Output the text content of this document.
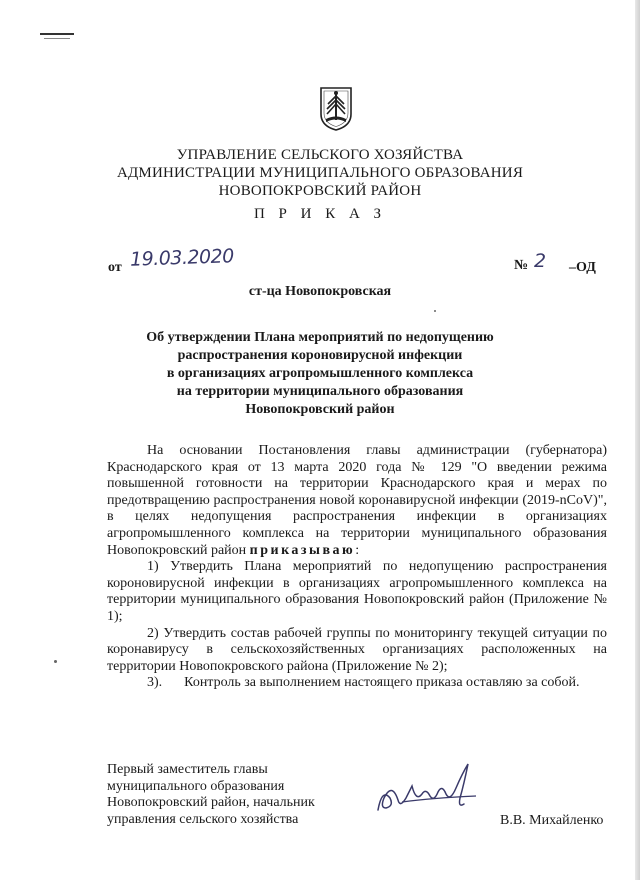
УПРАВЛЕНИЕ СЕЛЬСКОГО ХОЗЯЙСТВА
АДМИНИСТРАЦИИ МУНИЦИПАЛЬНОГО ОБРАЗОВАНИЯ
НОВОПОКРОВСКИЙ РАЙОН
П Р И К А З
от 19.03.2020	№ 2 –ОД
ст-ца Новопокровская
Об утверждении Плана мероприятий по недопущению
распространения короновирусной инфекции
в организациях агропромышленного комплекса
на территории муниципального образования
Новопокровский район

На основании Постановления главы администрации (губернатора) Краснодарского края от 13 марта 2020 года № 129 "О введении режима повышенной готовности на территории Краснодарского края и мерах по предотвращению распространения новой коронавирусной инфекции (2019-nCoV)", в целях недопущения распространения инфекции в организациях агропромышленного комплекса на территории муниципального образования Новопокровский район приказываю:

1) Утвердить Плана мероприятий по недопущению распространения короновирусной инфекции в организациях агропромышленного комплекса на территории муниципального образования Новопокровский район (Приложение № 1);

2) Утвердить состав рабочей группы по мониторингу текущей ситуации по коронавирусу в сельскохозяйственных организациях расположенных на территории Новопокровского района (Приложение № 2);

3). Контроль за выполнением настоящего приказа оставляю за собой.

Первый заместитель главы
муниципального образования
Новопокровский район, начальник
управления сельского хозяйства	В.В. Михайленко
